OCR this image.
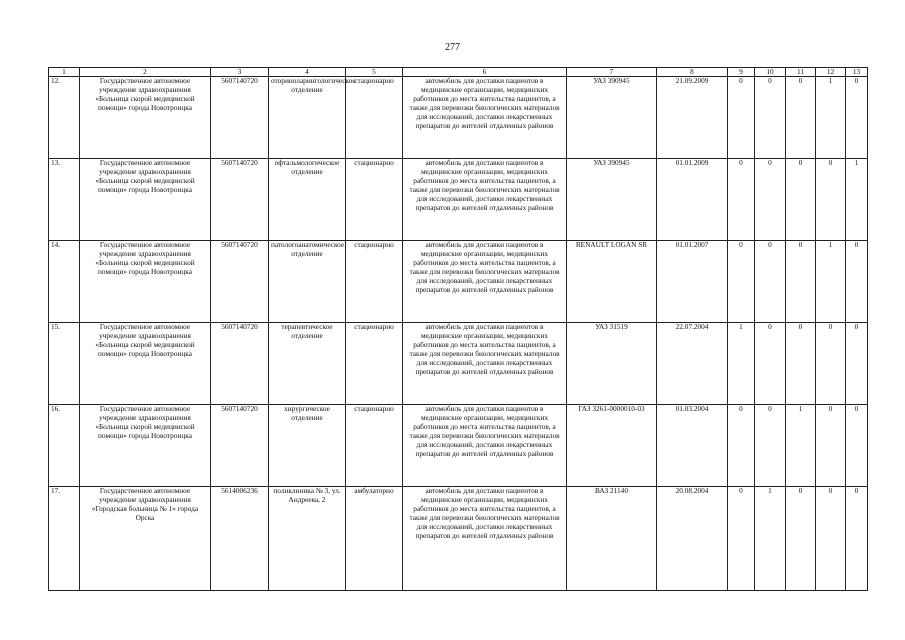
277
1	2	3	4	5	6	7	8	9	10	11	12	13
12.	Государственное автономное учреждение здравоохранения «Больница скорой медицинской помощи» города Новотроицка	5607140720	оториноларингологическое отделение	стационарно	автомобиль для доставки пациентов в медицинские организации, медицинских работников до места жительства пациентов, а также для перевозки биологических материалов для исследований, доставки лекарственных препаратов до жителей отдаленных районов	УАЗ 390945	21.09.2009	0	0	0	1	0
13.	Государственное автономное учреждение здравоохранения «Больница скорой медицинской помощи» города Новотроицка	5607140720	офтальмологическое отделение	стационарно	автомобиль для доставки пациентов в медицинские организации, медицинских работников до места жительства пациентов, а также для перевозки биологических материалов для исследований, доставки лекарственных препаратов до жителей отдаленных районов	УАЗ 390945	01.01.2009	0	0	0	0	1
14.	Государственное автономное учреждение здравоохранения «Больница скорой медицинской помощи» города Новотроицка	5607140720	патологоанатомическое отделение	стационарно	автомобиль для доставки пациентов в медицинские организации, медицинских работников до места жительства пациентов, а также для перевозки биологических материалов для исследований, доставки лекарственных препаратов до жителей отдаленных районов	RENAULT LOGAN SR	01.01.2007	0	0	0	1	0
15.	Государственное автономное учреждение здравоохранения «Больница скорой медицинской помощи» города Новотроицка	5607140720	терапевтическое отделение	стационарно	автомобиль для доставки пациентов в медицинские организации, медицинских работников до места жительства пациентов, а также для перевозки биологических материалов для исследований, доставки лекарственных препаратов до жителей отдаленных районов	УАЗ 31519	22.07.2004	1	0	0	0	0
16.	Государственное автономное учреждение здравоохранения «Больница скорой медицинской помощи» города Новотроицка	5607140720	хирургическое отделение	стационарно	автомобиль для доставки пациентов в медицинские организации, медицинских работников до места жительства пациентов, а также для перевозки биологических материалов для исследований, доставки лекарственных препаратов до жителей отдаленных районов	ГАЗ 3261-0000010-03	01.03.2004	0	0	1	0	0
17.	Государственное автономное учреждение здравоохранения «Городская больница № 1» города Орска	5614006236	поликлиника № 3, ул. Андреева, 2	амбулаторно	автомобиль для доставки пациентов в медицинские организации, медицинских работников до места жительства пациентов, а также для перевозки биологических материалов для исследований, доставки лекарственных препаратов до жителей отдаленных районов	ВАЗ 21140	20.08.2004	0	1	0	0	0
